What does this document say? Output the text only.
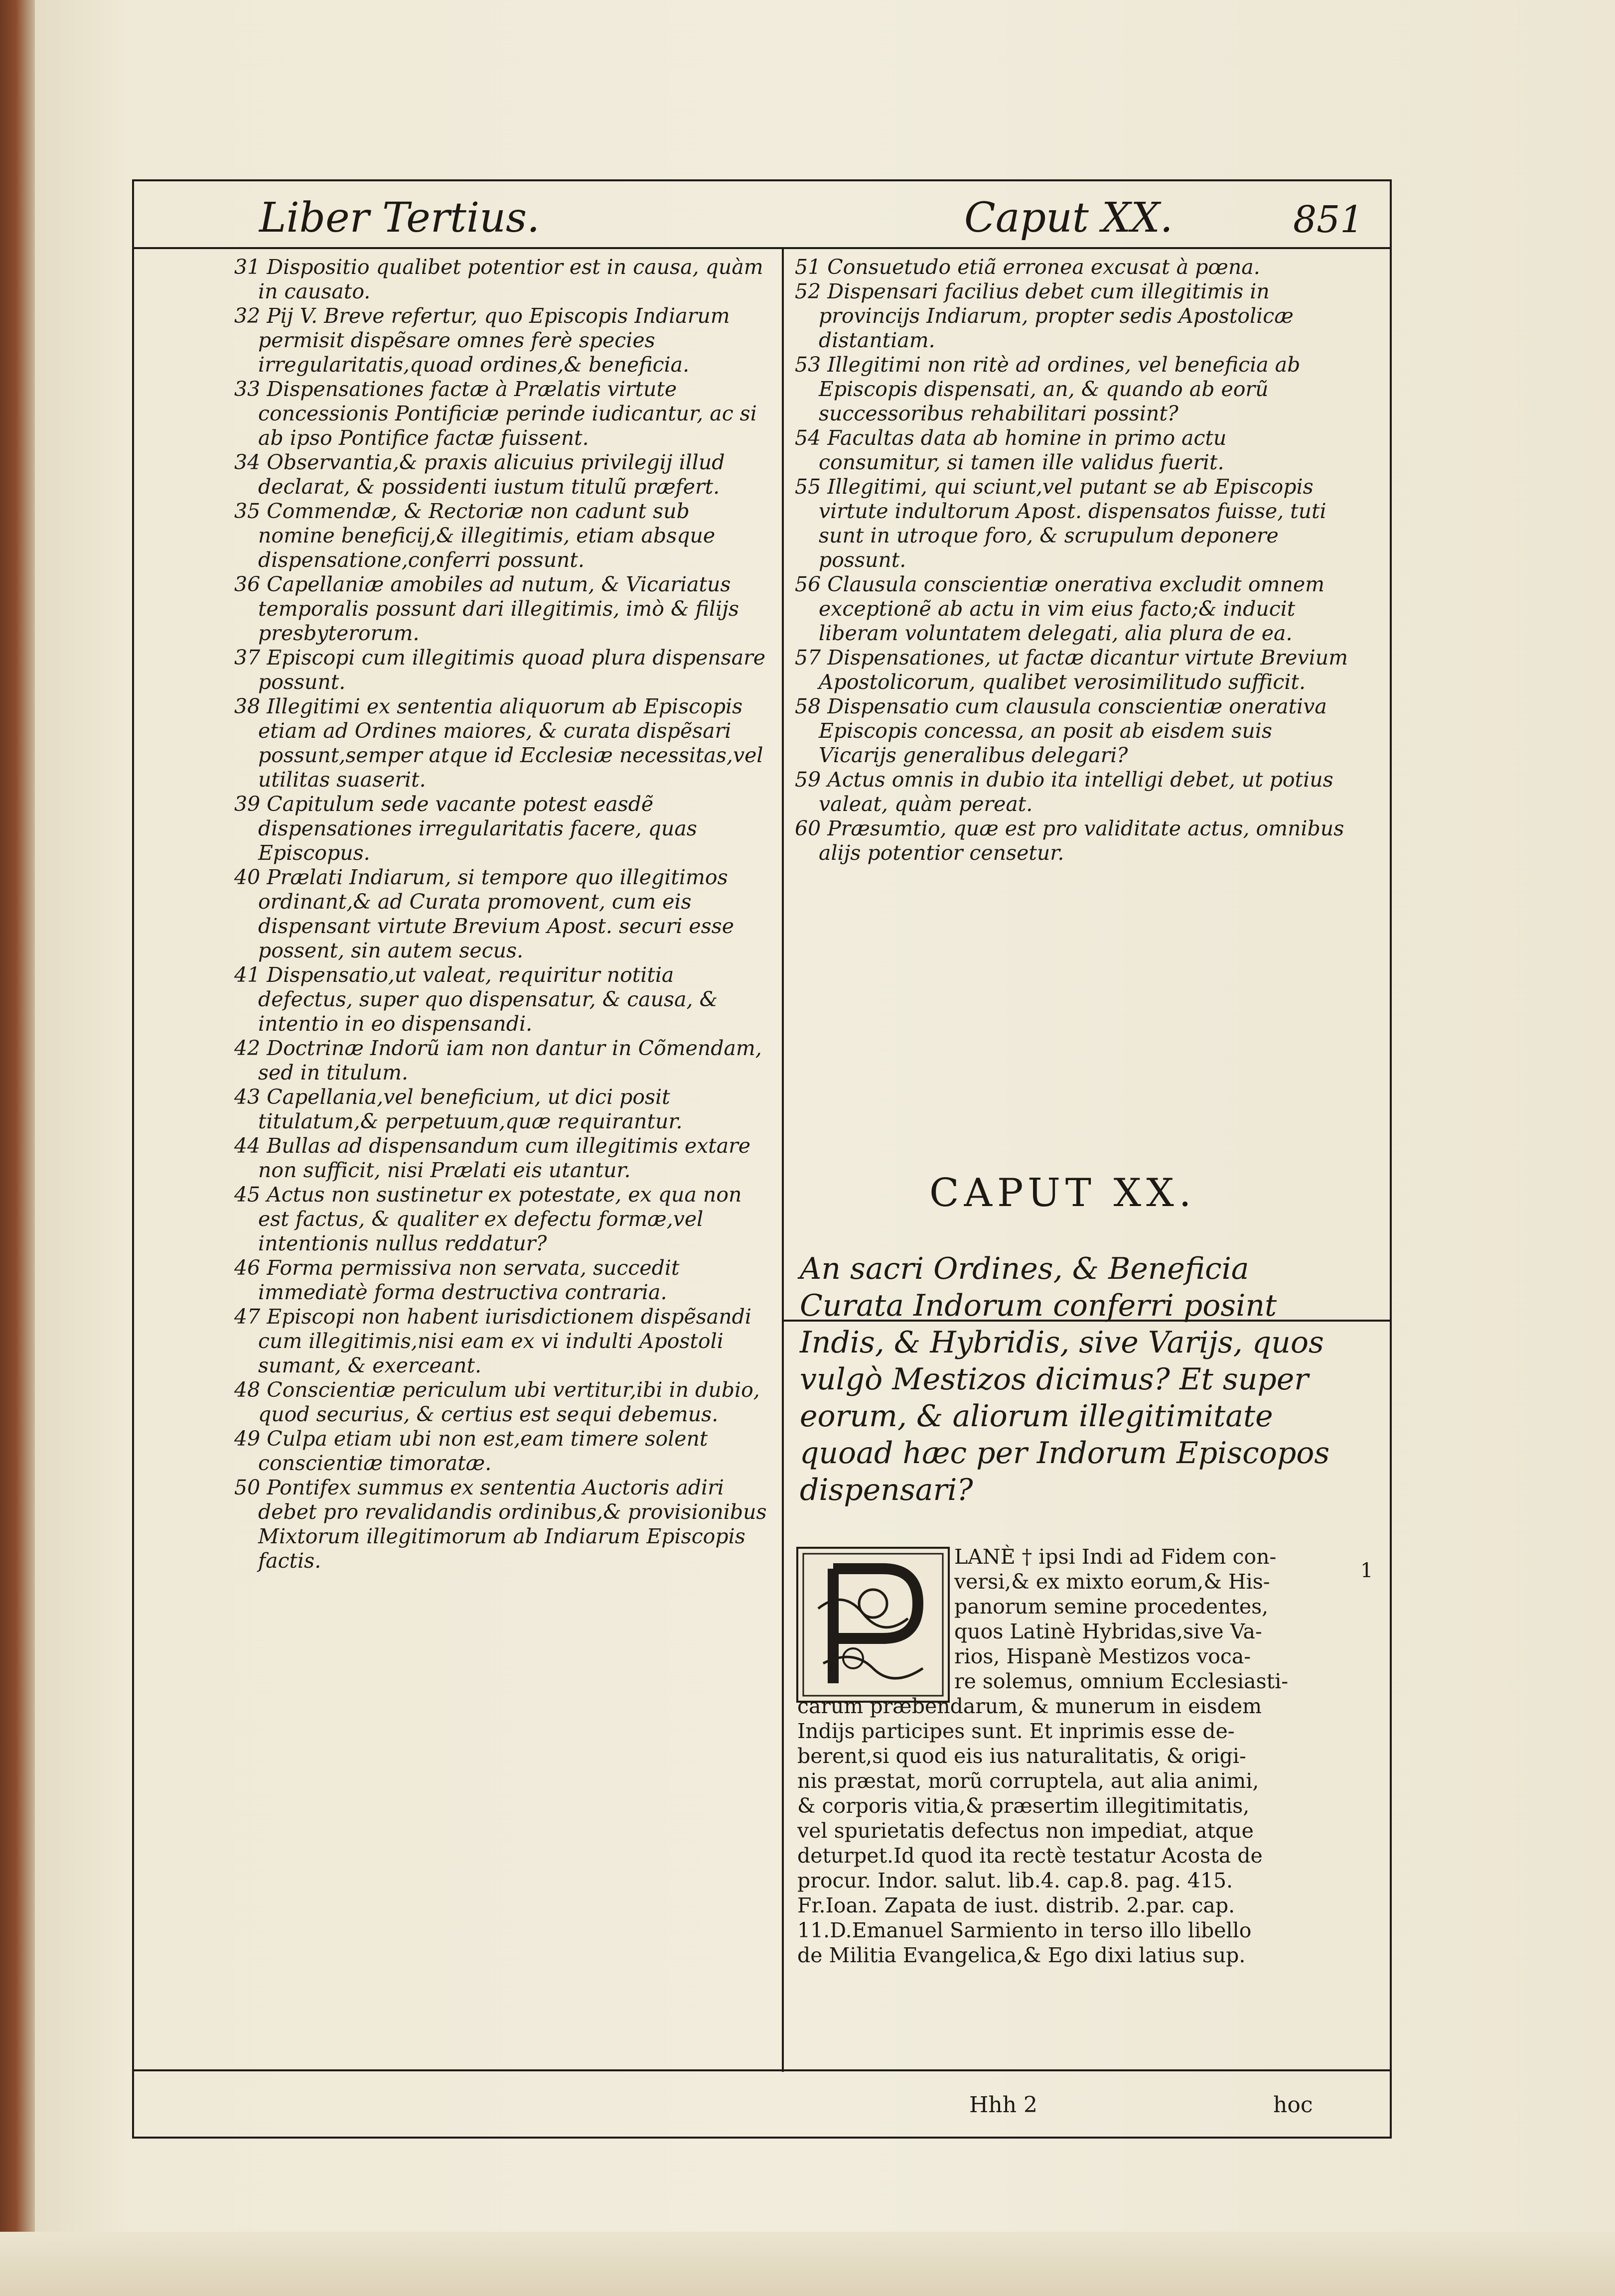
Liber Tertius.	Caput XX.	851

31 Dispositio qualibet potentior est in causa, quàm in causato.

32 Pij V. Breve refertur, quo Episcopis Indiarum permisit dispẽsare omnes ferè species irregularitatis,quoad ordines,& beneficia.

33 Dispensationes factæ à Prælatis virtute concessionis Pontificiæ perinde iudicantur, ac si ab ipso Pontifice factæ fuissent.

34 Observantia,& praxis alicuius privilegij illud declarat, & possidenti iustum titulũ præfert.

35 Commendæ, & Rectoriæ non cadunt sub nomine beneficij,& illegitimis, etiam absque dispensatione,conferri possunt.

36 Capellaniæ amobiles ad nutum, & Vicariatus temporalis possunt dari illegitimis, imò & filijs presbyterorum.

37 Episcopi cum illegitimis quoad plura dispensare possunt.

38 Illegitimi ex sententia aliquorum ab Episcopis etiam ad Ordines maiores, & curata dispẽsari possunt,semper atque id Ecclesiæ necessitas,vel utilitas suaserit.

39 Capitulum sede vacante potest easdẽ dispensationes irregularitatis facere, quas Episcopus.

40 Prælati Indiarum, si tempore quo illegitimos ordinant,& ad Curata promovent, cum eis dispensant virtute Brevium Apost. securi esse possent, sin autem secus.

41 Dispensatio,ut valeat, requiritur notitia defectus, super quo dispensatur, & causa, & intentio in eo dispensandi.

42 Doctrinæ Indorũ iam non dantur in Cõmendam, sed in titulum.

43 Capellania,vel beneficium, ut dici posit titulatum,& perpetuum,quæ requirantur.

44 Bullas ad dispensandum cum illegitimis extare non sufficit, nisi Prælati eis utantur.

45 Actus non sustinetur ex potestate, ex qua non est factus, & qualiter ex defectu formæ,vel intentionis nullus reddatur?

46 Forma permissiva non servata, succedit immediatè forma destructiva contraria.

47 Episcopi non habent iurisdictionem dispẽsandi cum illegitimis,nisi eam ex vi indulti Apostoli sumant, & exerceant.

48 Conscientiæ periculum ubi vertitur,ibi in dubio, quod securius, & certius est sequi debemus.

49 Culpa etiam ubi non est,eam timere solent conscientiæ timoratæ.

50 Pontifex summus ex sententia Auctoris adiri debet pro revalidandis ordinibus,& provisionibus Mixtorum illegitimorum ab Indiarum Episcopis factis.

51 Consuetudo etiã erronea excusat à pœna.

52 Dispensari facilius debet cum illegitimis in provincijs Indiarum, propter sedis Apostolicæ distantiam.

53 Illegitimi non ritè ad ordines, vel beneficia ab Episcopis dispensati, an, & quando ab eorũ successoribus rehabilitari possint?

54 Facultas data ab homine in primo actu consumitur, si tamen ille validus fuerit.

55 Illegitimi, qui sciunt,vel putant se ab Episcopis virtute indultorum Apost. dispensatos fuisse, tuti sunt in utroque foro, & scrupulum deponere possunt.

56 Clausula conscientiæ onerativa excludit omnem exceptionẽ ab actu in vim eius facto;& inducit liberam voluntatem delegati, alia plura de ea.

57 Dispensationes, ut factæ dicantur virtute Brevium Apostolicorum, qualibet verosimilitudo sufficit.

58 Dispensatio cum clausula conscientiæ onerativa Episcopis concessa, an posit ab eisdem suis Vicarijs generalibus delegari?

59 Actus omnis in dubio ita intelligi debet, ut potius valeat, quàm pereat.

60 Præsumtio, quæ est pro validitate actus, omnibus alijs potentior censetur.

CAPUT XX.
An sacri Ordines, & Beneficia Curata Indorum conferri posint Indis, & Hybridis, sive Varijs, quos vulgò Mestizos dicimus? Et super eorum, & aliorum illegitimitate quoad hæc per Indorum Episcopos dispensari?
LANÈ † ipsi Indi ad Fidem con-
versi,& ex mixto eorum,& His-
panorum semine procedentes,
quos Latinè Hybridas,sive Va-
rios, Hispanè Mestizos voca-
re solemus, omnium Ecclesiasti-
carum præbendarum, & munerum in eisdem
Indijs participes sunt. Et inprimis esse de-
berent,si quod eis ius naturalitatis, & origi-
nis præstat, morũ corruptela, aut alia animi,
& corporis vitia,& præsertim illegitimitatis,
vel spurietatis defectus non impediat, atque
deturpet.Id quod ita rectè testatur Acosta de
procur. Indor. salut. lib.4. cap.8. pag. 415.
Fr.Ioan. Zapata de iust. distrib. 2.par. cap.
11.D.Emanuel Sarmiento in terso illo libello
de Militia Evangelica,& Ego dixi latius sup.
1
Hhh 2	hoc
